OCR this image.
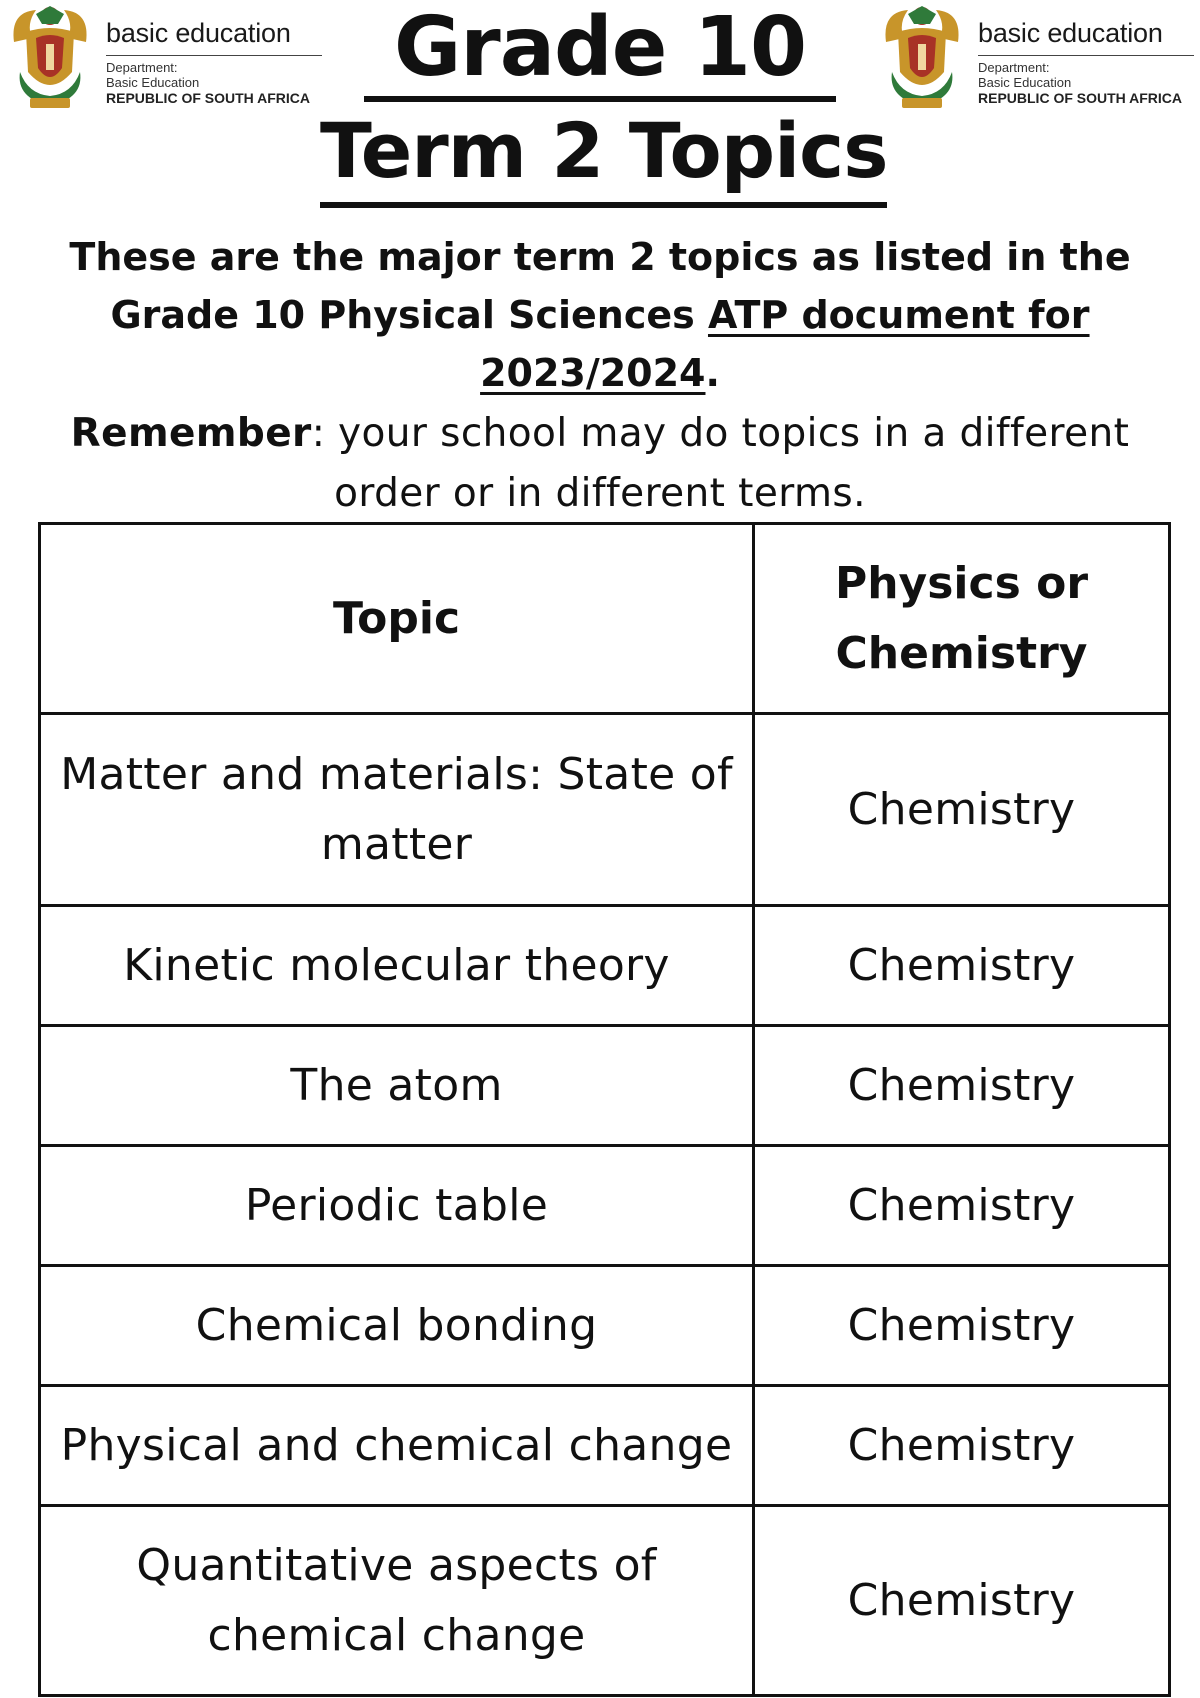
basic education
Department:
Basic Education
REPUBLIC OF SOUTH AFRICA
Grade 10
Term 2 Topics
basic education
Department:
Basic Education
REPUBLIC OF SOUTH AFRICA
These are the major term 2 topics as listed in the Grade 10 Physical Sciences ATP document for 2023/2024.
Remember: your school may do topics in a different order or in different terms.
Topic	Physics or Chemistry
Matter and materials: State of matter	Chemistry
Kinetic molecular theory	Chemistry
The atom	Chemistry
Periodic table	Chemistry
Chemical bonding	Chemistry
Physical and chemical change	Chemistry
Quantitative aspects of chemical change	Chemistry
